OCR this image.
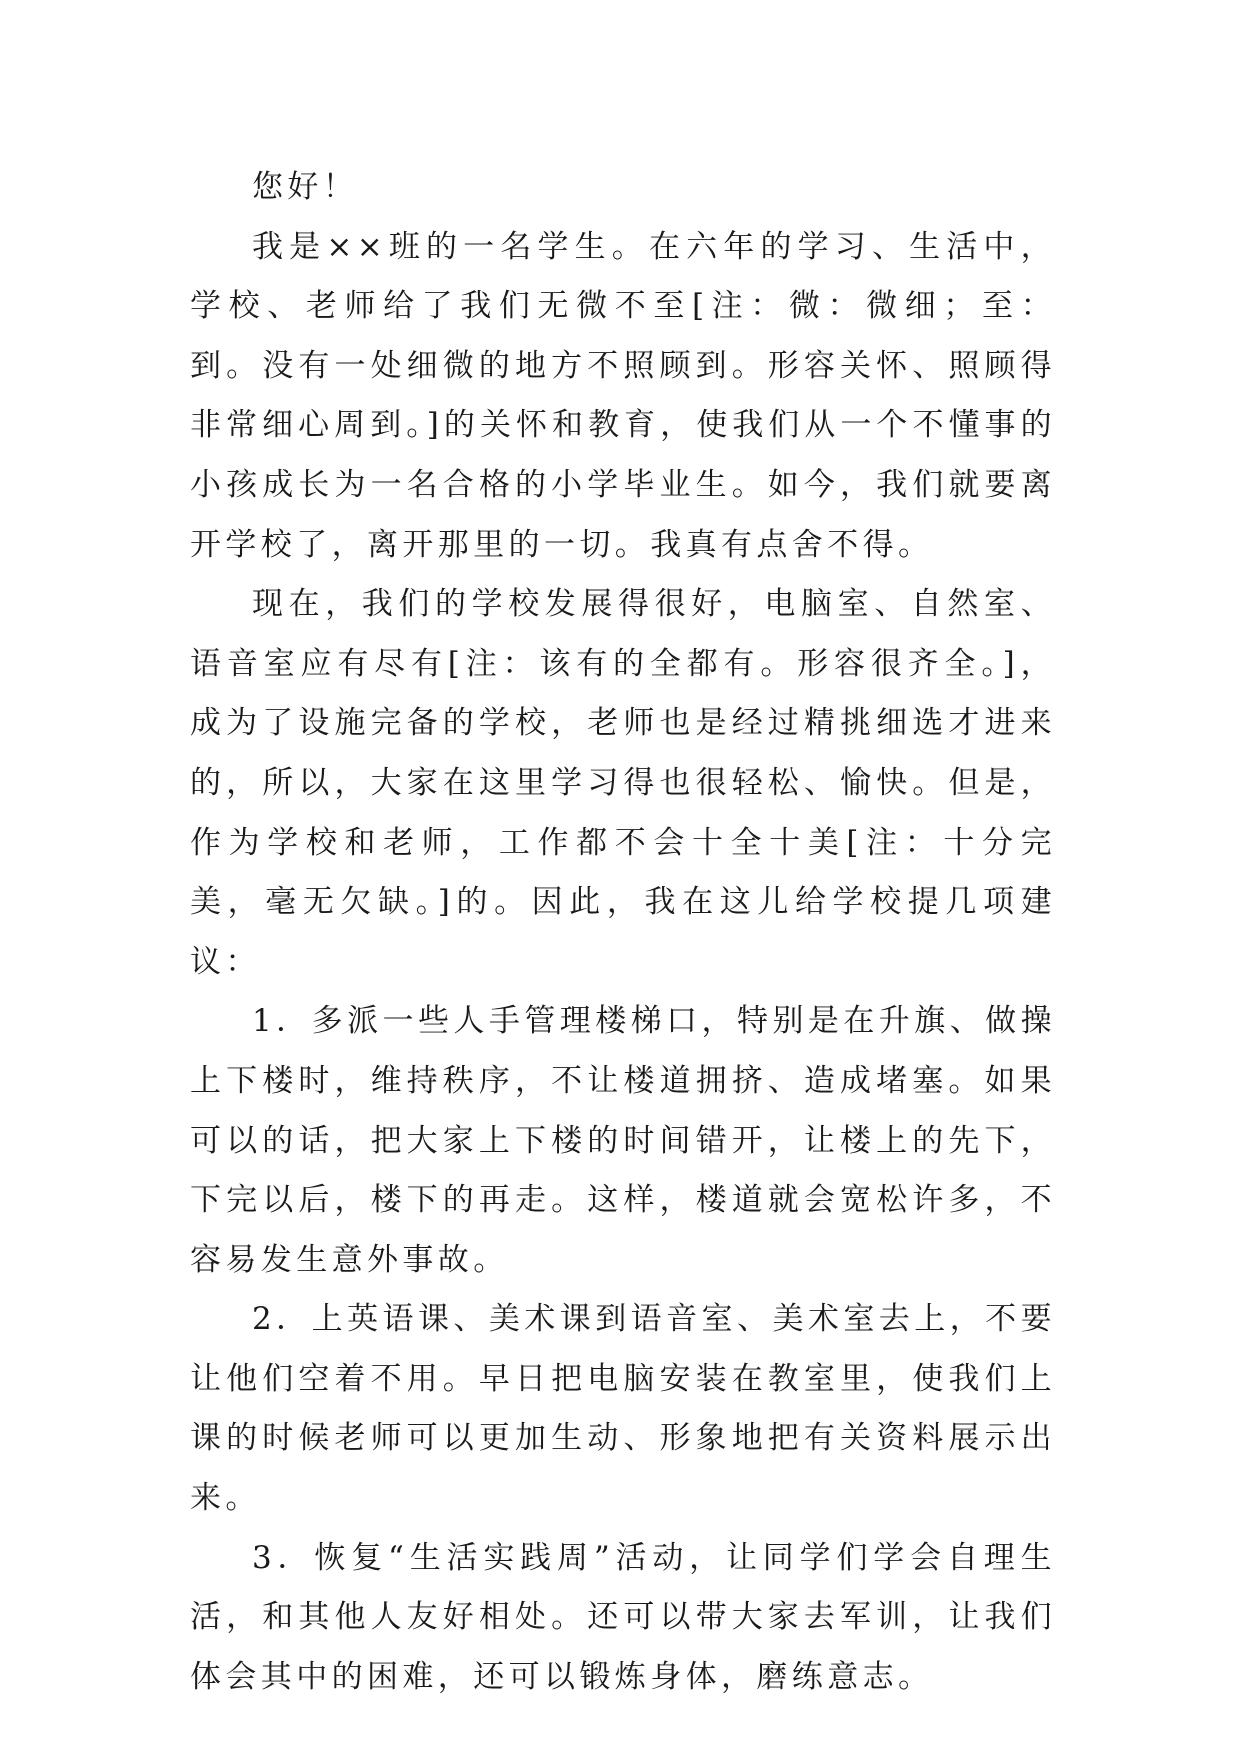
您好！

我是××班的一名学生。在六年的学习、生活中，学校、老师给了我们无微不至[注：微：微细；至：到。没有一处细微的地方不照顾到。形容关怀、照顾得非常细心周到。]的关怀和教育，使我们从一个不懂事的小孩成长为一名合格的小学毕业生。如今，我们就要离开学校了，离开那里的一切。我真有点舍不得。

现在，我们的学校发展得很好，电脑室、自然室、语音室应有尽有[注：该有的全都有。形容很齐全。]，成为了设施完备的学校，老师也是经过精挑细选才进来的，所以，大家在这里学习得也很轻松、愉快。但是，作为学校和老师，工作都不会十全十美[注：十分完美，毫无欠缺。]的。因此，我在这儿给学校提几项建议：

1．多派一些人手管理楼梯口，特别是在升旗、做操上下楼时，维持秩序，不让楼道拥挤、造成堵塞。如果可以的话，把大家上下楼的时间错开，让楼上的先下，下完以后，楼下的再走。这样，楼道就会宽松许多，不容易发生意外事故。

2．上英语课、美术课到语音室、美术室去上，不要让他们空着不用。早日把电脑安装在教室里，使我们上课的时候老师可以更加生动、形象地把有关资料展示出来。

3．恢复“生活实践周”活动，让同学们学会自理生活，和其他人友好相处。还可以带大家去军训，让我们体会其中的困难，还可以锻炼身体，磨练意志。
